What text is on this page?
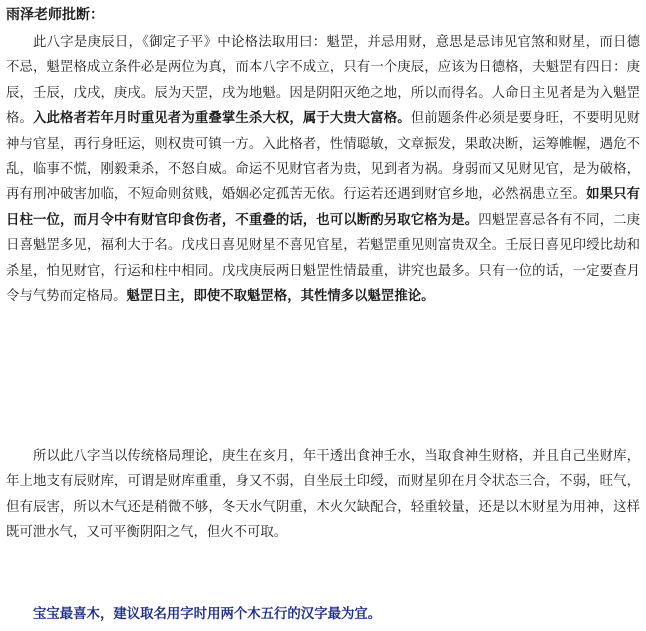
雨泽老师批断：

此八字是庚辰日，《御定子平》中论格法取用曰：魁罡，并忌用财，意思是忌讳见官煞和财星，而日德不忌，魁罡格成立条件必是两位为真，而本八字不成立，只有一个庚辰，应该为日德格，夫魁罡有四日：庚辰，壬辰，戊戌，庚戌。辰为天罡，戌为地魁。因是阴阳灭绝之地，所以而得名。人命日主见者是为入魁罡格。入此格者若年月时重见者为重叠掌生杀大权，属于大贵大富格。但前题条件必须是要身旺，不要明见财神与官星，再行身旺运，则权贵可镇一方。入此格者，性情聪敏，文章振发，果敢决断，运筹帷幄，遇危不乱，临事不慌，刚毅秉杀，不怒自威。命运不见财官者为贵，见到者为祸。身弱而又见财见官，是为破格，再有刑冲破害加临，不短命则贫贱，婚姻必定孤苦无依。行运若还遇到财官乡地，必然祸患立至。如果只有日柱一位，而月令中有财官印食伤者，不重叠的话，也可以断酌另取它格为是。四魁罡喜忌各有不同，二庚日喜魁罡多见，福利大于名。戊戌日喜见财星不喜见官星，若魁罡重见则富贵双全。壬辰日喜见印绶比劫和杀星，怕见财官，行运和柱中相同。戊戌庚辰两日魁罡性情最重，讲究也最多。只有一位的话，一定要查月令与气势而定格局。魁罡日主，即使不取魁罡格，其性情多以魁罡推论。

所以此八字当以传统格局理论，庚生在亥月，年干透出食神壬水，当取食神生财格，并且自己坐财库，年上地支有辰财库，可谓是财库重重，身又不弱，自坐辰土印绶，而财星卯在月令状态三合，不弱，旺气，但有辰害，所以木气还是稍微不够，冬天水气阴重，木火欠缺配合，轻重较量，还是以木财星为用神，这样既可泄水气，又可平衡阴阳之气，但火不可取。

宝宝最喜木，建议取名用字时用两个木五行的汉字最为宜。
